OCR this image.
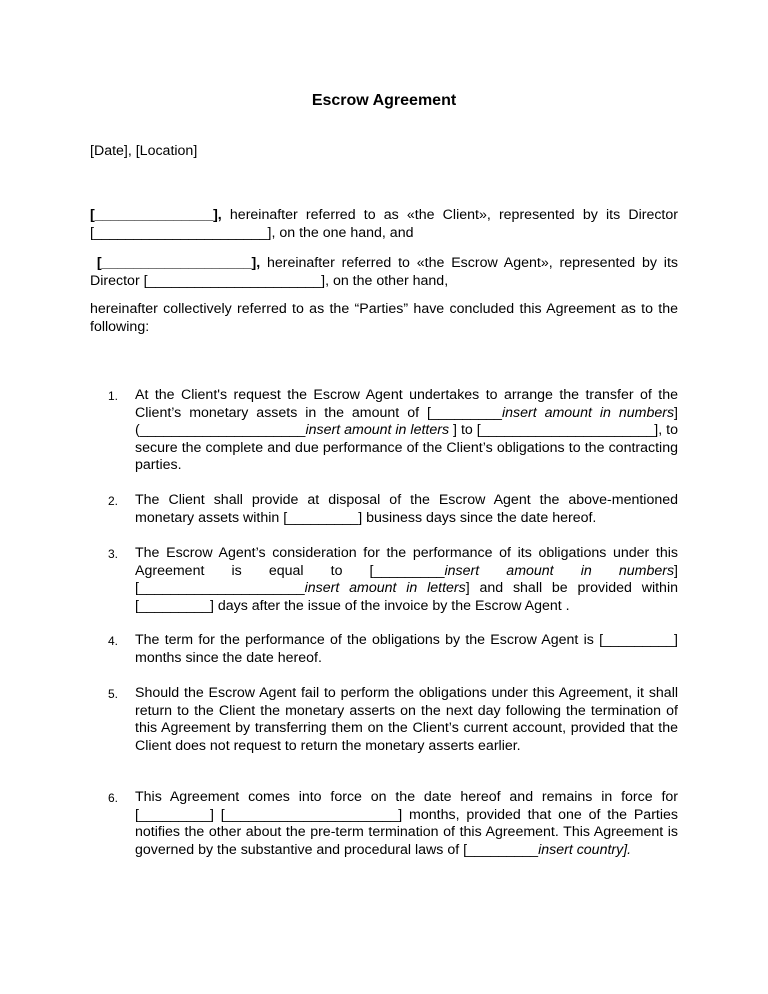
Escrow Agreement
[Date], [Location]
[_______________], hereinafter referred to as «the Client», represented by its Director [______________________], on the one hand, and
[___________________], hereinafter referred to «the Escrow Agent», represented by its Director [______________________], on the other hand,
hereinafter collectively referred to as the “Parties” have concluded this Agreement as to the following:
1.	At the Client's request the Escrow Agent undertakes to arrange the transfer of the Client’s monetary assets in the amount of [_________insert amount in numbers] (_____________________insert amount in letters ] to [______________________], to secure the complete and due performance of the Client’s obligations to the contracting parties.
2.	The Client shall provide at disposal of the Escrow Agent the above-mentioned monetary assets within [_________] business days since the date hereof.
3.	The Escrow Agent’s consideration for the performance of its obligations under this Agreement is equal to [_________insert amount in numbers] [_____________________insert amount in letters] and shall be provided within [_________] days after the issue of the invoice by the Escrow Agent .
4.	The term for the performance of the obligations by the Escrow Agent is [_________] months since the date hereof.
5.	Should the Escrow Agent fail to perform the obligations under this Agreement, it shall return to the Client the monetary asserts on the next day following the termination of this Agreement by transferring them on the Client’s current account, provided that the Client does not request to return the monetary asserts earlier.
6.	This Agreement comes into force on the date hereof and remains in force for [_________] [______________________] months, provided that one of the Parties notifies the other about the pre-term termination of this Agreement. This Agreement is governed by the substantive and procedural laws of [_________insert country].
